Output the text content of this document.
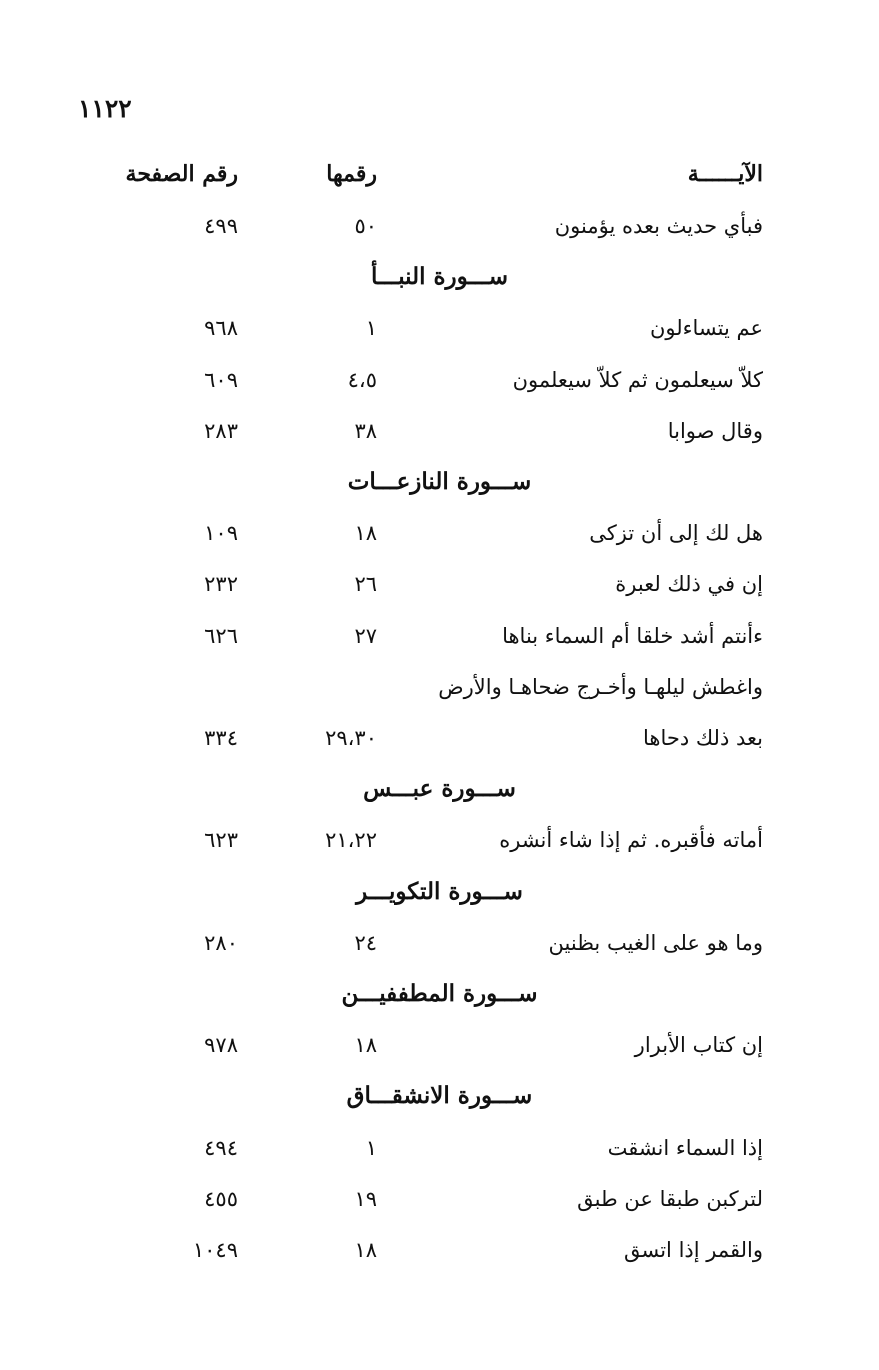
١١٢٢
الآيــــــة
رقمها
رقم الصفحة
فبأي حديث بعده يؤمنون
٥٠
٤٩٩
ســـورة النبـــأ
عم يتساءلون
١
٩٦٨
كلاّ سيعلمون ثم كلاّ سيعلمون
٤،٥
٦٠٩
وقال صوابا
٣٨
٢٨٣
ســـورة النازعـــات
هل لك إلى أن تزكى
١٨
١٠٩
إن في ذلك لعبرة
٢٦
٢٣٢
ءأنتم أشد خلقا أم السماء بناها
٢٧
٦٢٦
واغطش ليلهـا وأخـرج ضحاهـا والأرض
بعد ذلك دحاها
٢٩،٣٠
٣٣٤
ســـورة عبـــس
أماته فأقبره. ثم إذا شاء أنشره
٢١،٢٢
٦٢٣
ســـورة التكويـــر
وما هو على الغيب بظنين
٢٤
٢٨٠
ســـورة المطففيـــن
إن كتاب الأبرار
١٨
٩٧٨
ســـورة الانشقـــاق
إذا السماء انشقت
١
٤٩٤
لتركبن طبقا عن طبق
١٩
٤٥٥
والقمر إذا اتسق
١٨
١٠٤٩
